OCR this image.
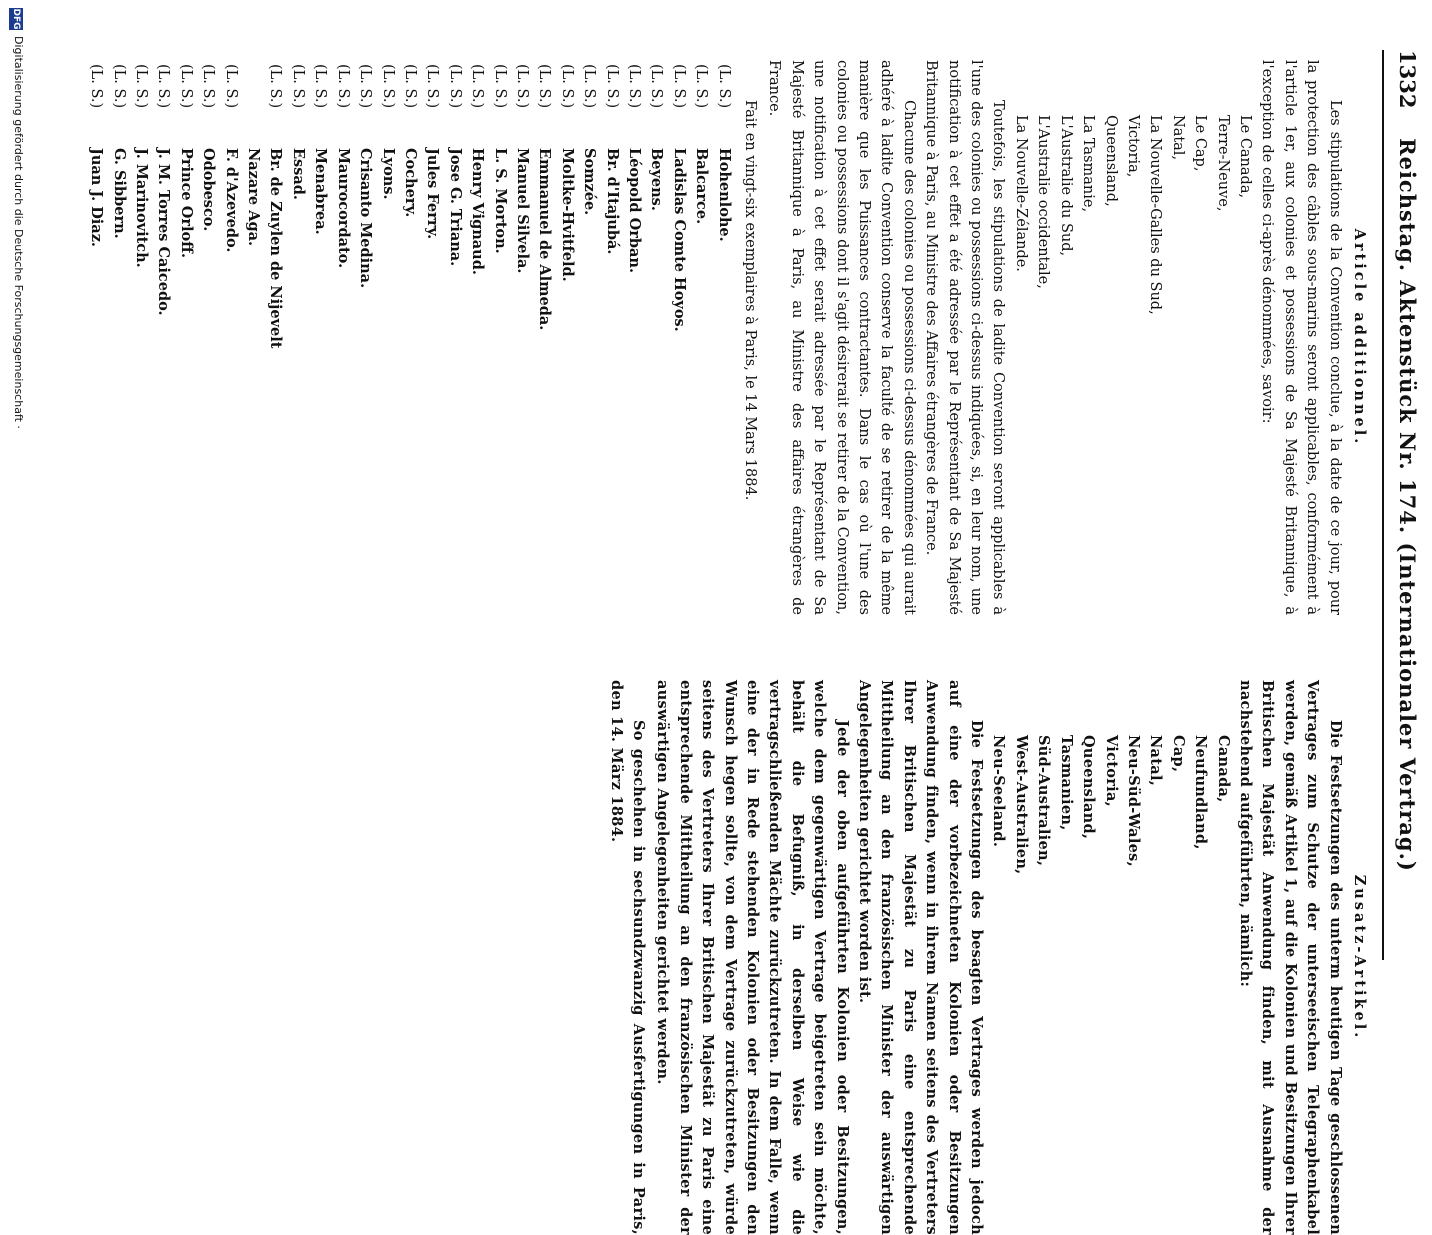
1332
Reichstag. Aktenstück Nr. 174. (Internationaler Vertrag.)

Article additionnel.

Les stipulations de la Convention conclue, à la date de ce jour, pour la protection des câbles sous-marins seront applicables, conformément à l'article 1er, aux colonies et possessions de Sa Majesté Britannique, à l'exception de celles ci-après dénommées, savoir:

Le Canada,
Terre-Neuve,
Le Cap,
Natal,
La Nouvelle-Galles du Sud,
Victoria,
Queensland,
La Tasmanie,
L'Australie du Sud,
L'Australie occidentale,
La Nouvelle-Zélande.

Toutefois, les stipulations de ladite Convention seront applicables à l'une des colonies ou possessions ci-dessus indiquées, si, en leur nom, une notification à cet effet a été adressée par le Représentant de Sa Majesté Britannique à Paris, au Ministre des Affaires étrangères de France.

Chacune des colonies ou possessions ci-dessus dénommées qui aurait adhéré à ladite Convention conserve la faculté de se retirer de la même manière que les Puissances contractantes. Dans le cas où l'une des colonies ou possessions dont il s'agit désirerait se retirer de la Convention, une notification à cet effet serait adressée par le Représentant de Sa Majesté Britannique à Paris, au Ministre des affaires étrangères de France.

Fait en vingt-six exemplaires à Paris, le 14 Mars 1884.

(L. S.)
Hohenlohe.
(L. S.)
Balcarce.
(L. S.)
Ladislas Comte Hoyos.
(L. S.)
Beyens.
(L. S.)
Léopold Orban.
(L. S.)
Br. d'Itajubá.
(L. S.)
Somzée.
(L. S.)
Moltke-Hvitfeld.
(L. S.)
Emmanuel de Almeda.
(L. S.)
Manuel Silvela.
(L. S.)
L. S. Morton.
(L. S.)
Henry Vignaud.
(L. S.)
Jose G. Triana.
(L. S.)
Jules Ferry.
(L. S.)
Cochery.
(L. S.)
Lyons.
(L. S.)
Crisanto Medina.
(L. S.)
Maurocordato.
(L. S.)
Menabrea.
(L. S.)
Essad.
(L. S.)
Br. de Zuylen de Nijevelt
Nazare Aga.
(L. S.)
F. d'Azevedo.
(L. S.)
Odobesco.
(L. S.)
Prince Orloff.
(L. S.)
J. M. Torres Caicedo.
(L. S.)
J. Marinovitch.
(L. S.)
G. Sibbern.
(L. S.)
Juan J. Diaz.

Zusatz-Artikel.

Die Festsetzungen des unterm heutigen Tage geschlossenen Vertrages zum Schutze der unterseeischen Telegraphenkabel werden, gemäß Artikel 1, auf die Kolonien und Besitzungen Ihrer Britischen Majestät Anwendung finden, mit Ausnahme der nachstehend aufgeführten, nämlich:

Canada,
Neufundland,
Cap,
Natal,
Neu-Süd-Wales,
Victoria,
Queensland,
Tasmanien,
Süd-Australien,
West-Australien,
Neu-Seeland.

Die Festsetzungen des besagten Vertrages werden jedoch auf eine der vorbezeichneten Kolonien oder Besitzungen Anwendung finden, wenn in ihrem Namen seitens des Vertreters Ihrer Britischen Majestät zu Paris eine entsprechende Mittheilung an den französischen Minister der auswärtigen Angelegenheiten gerichtet worden ist.

Jede der oben aufgeführten Kolonien oder Besitzungen, welche dem gegenwärtigen Vertrage beigetreten sein möchte, behält die Befugniß, in derselben Weise wie die vertragschließenden Mächte zurückzutreten. In dem Falle, wenn eine der in Rede stehenden Kolonien oder Besitzungen den Wunsch hegen sollte, von dem Vertrage zurückzutreten, würde seitens des Vertreters Ihrer Britischen Majestät zu Paris eine entsprechende Mittheilung an den französischen Minister der auswärtigen Angelegenheiten gerichtet werden.

So geschehen in sechsundzwanzig Ausfertigungen in Paris, den 14. März 1884.

DFG
Digitalisierung gefördert durch die Deutsche Forschungsgemeinschaft ·
